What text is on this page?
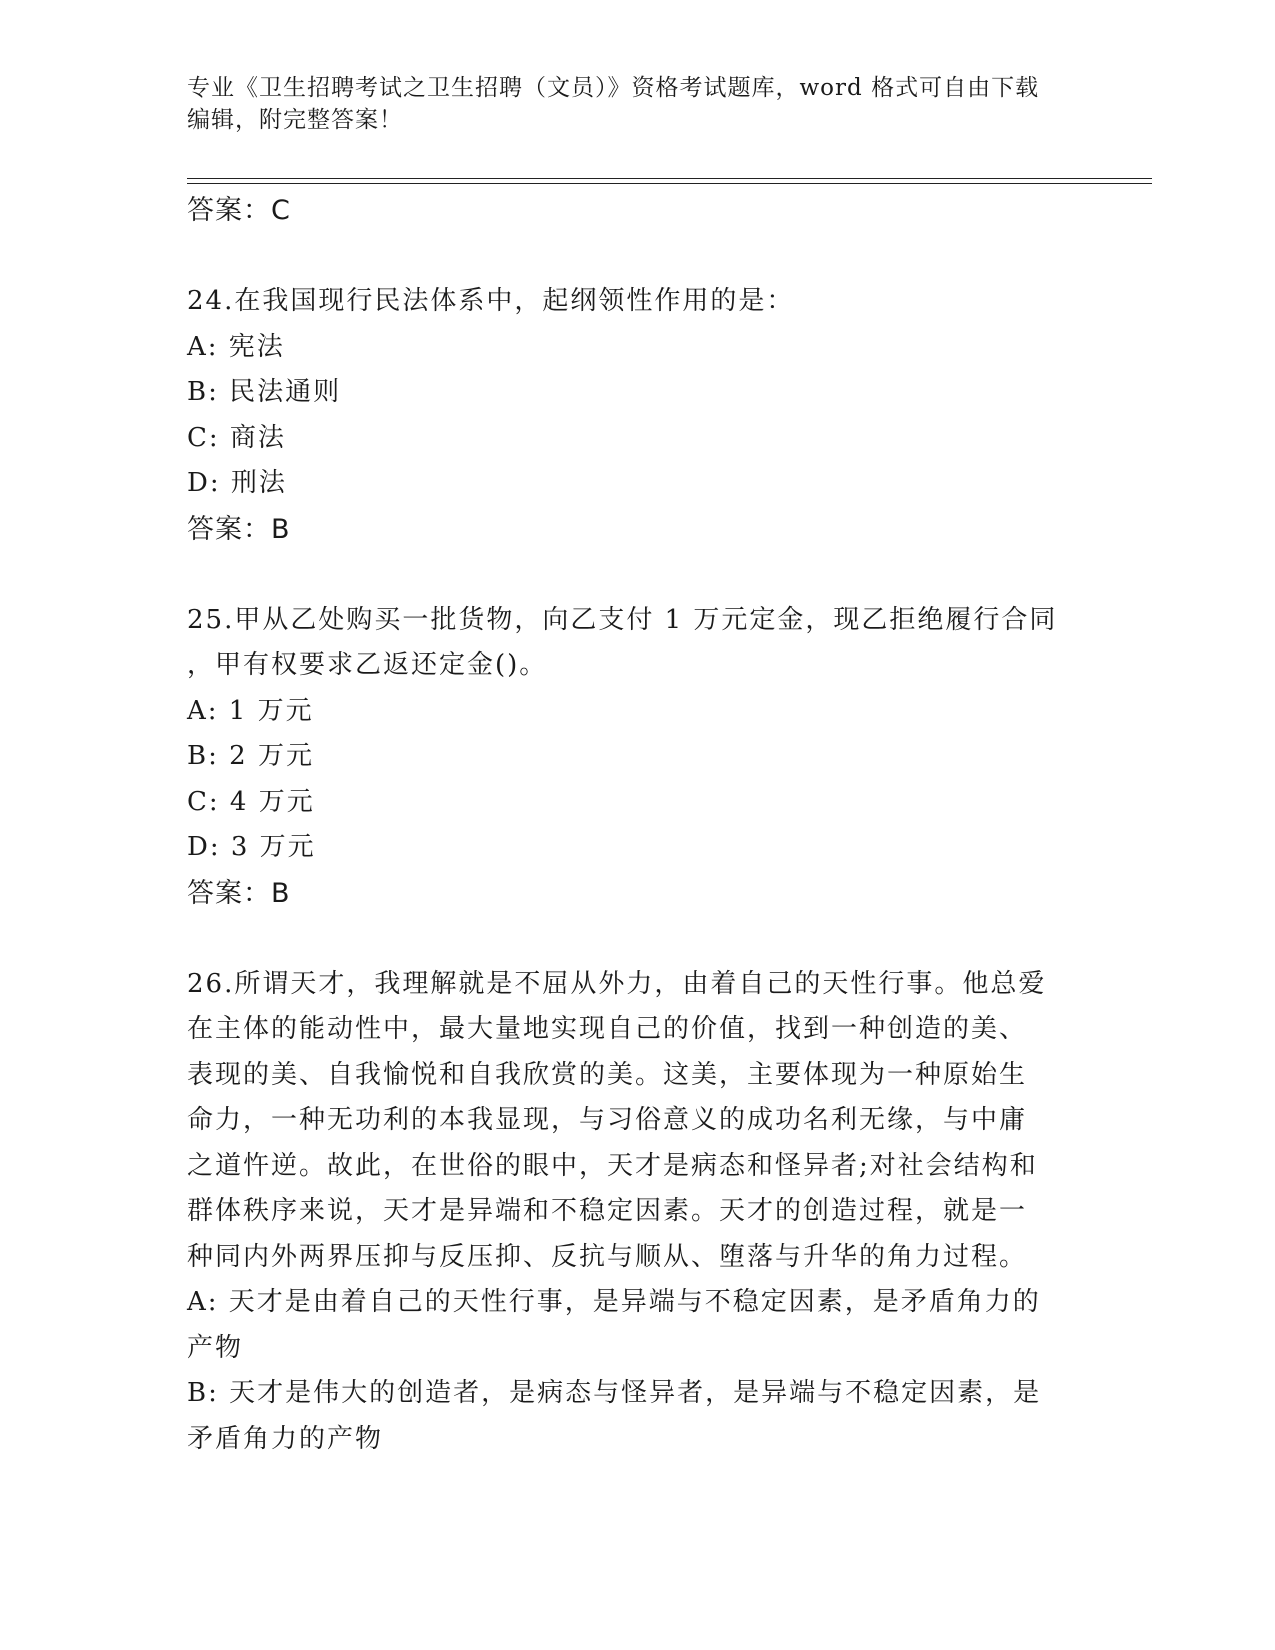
专业《卫生招聘考试之卫生招聘（文员）》资格考试题库，word 格式可自由下载
编辑，附完整答案！
答案：C
24.在我国现行民法体系中，起纲领性作用的是：
A: 宪法
B: 民法通则
C: 商法
D: 刑法
答案：B
25.甲从乙处购买一批货物，向乙支付 1 万元定金，现乙拒绝履行合同
，甲有权要求乙返还定金()。
A: 1 万元
B: 2 万元
C: 4 万元
D: 3 万元
答案：B
26.所谓天才，我理解就是不屈从外力，由着自己的天性行事。他总爱
在主体的能动性中，最大量地实现自己的价值，找到一种创造的美、
表现的美、自我愉悦和自我欣赏的美。这美，主要体现为一种原始生
命力，一种无功利的本我显现，与习俗意义的成功名利无缘，与中庸
之道忤逆。故此，在世俗的眼中，天才是病态和怪异者;对社会结构和
群体秩序来说，天才是异端和不稳定因素。天才的创造过程，就是一
种同内外两界压抑与反压抑、反抗与顺从、堕落与升华的角力过程。
A: 天才是由着自己的天性行事，是异端与不稳定因素，是矛盾角力的
产物
B: 天才是伟大的创造者，是病态与怪异者，是异端与不稳定因素，是
矛盾角力的产物
